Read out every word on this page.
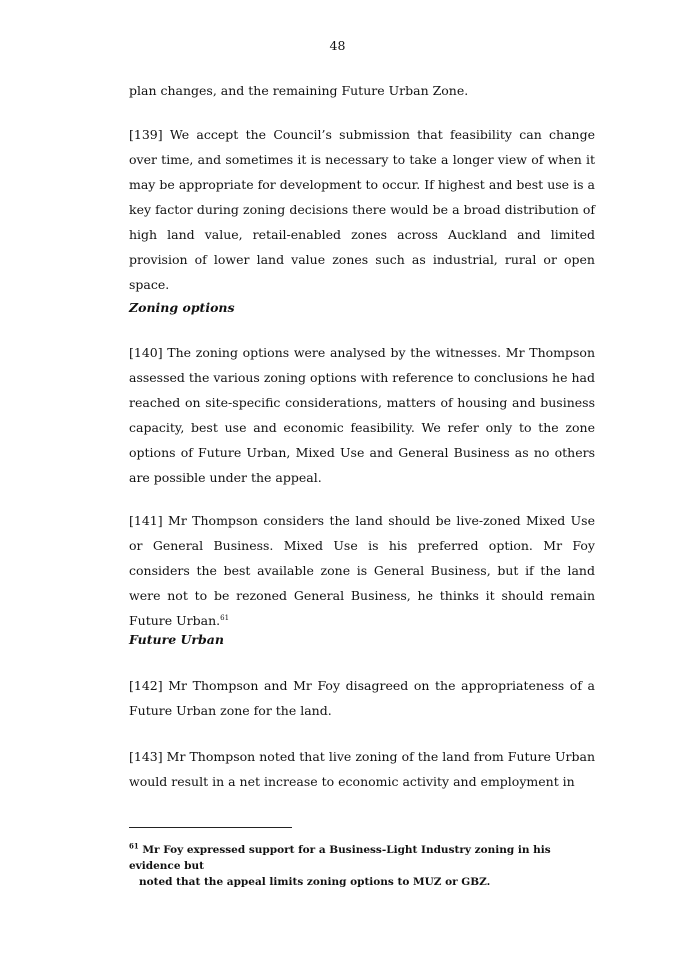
48
plan changes, and the remaining Future Urban Zone.
[139] We accept the Council’s submission that feasibility can change over time, and sometimes it is necessary to take a longer view of when it may be appropriate for development to occur. If highest and best use is a key factor during zoning decisions there would be a broad distribution of high land value, retail-enabled zones across Auckland and limited provision of lower land value zones such as industrial, rural or open space.
Zoning options
[140] The zoning options were analysed by the witnesses. Mr Thompson assessed the various zoning options with reference to conclusions he had reached on site-specific considerations, matters of housing and business capacity, best use and economic feasibility. We refer only to the zone options of Future Urban, Mixed Use and General Business as no others are possible under the appeal.
[141] Mr Thompson considers the land should be live-zoned Mixed Use or General Business. Mixed Use is his preferred option. Mr Foy considers the best available zone is General Business, but if the land were not to be rezoned General Business, he thinks it should remain Future Urban.$^{61}$
Future Urban
[142] Mr Thompson and Mr Foy disagreed on the appropriateness of a Future Urban zone for the land.
[143] Mr Thompson noted that live zoning of the land from Future Urban would result in a net increase to economic activity and employment in
$^{61}$ Mr Foy expressed support for a Business-Light Industry zoning in his evidence but
noted that the appeal limits zoning options to MUZ or GBZ.
